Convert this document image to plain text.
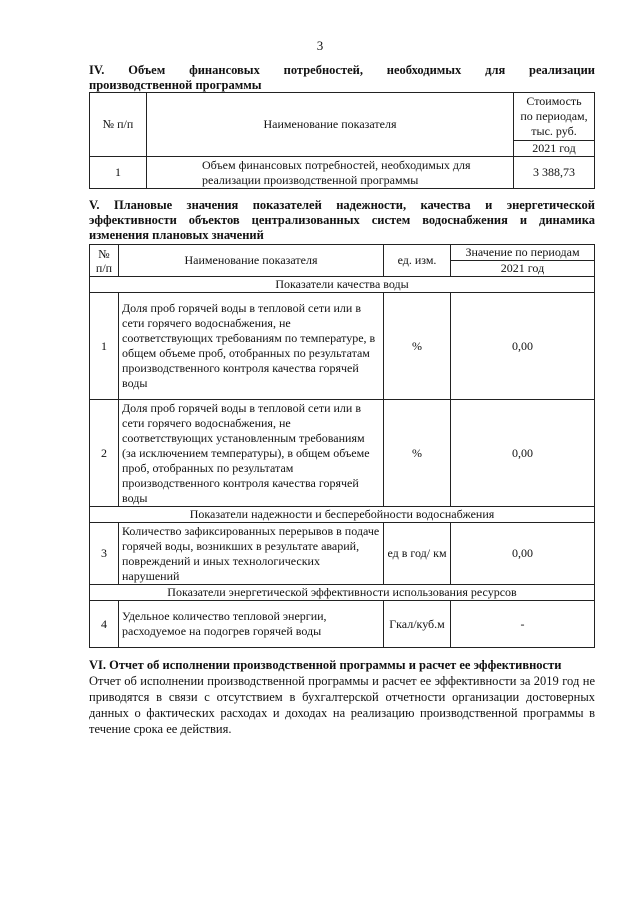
3
IV. Объем финансовых потребностей, необходимых для реализации
производственной программы
№ п/п	Наименование показателя	Стоимость
по периодам,
тыс. руб.

		2021 год
1	Объем финансовых потребностей, необходимых для реализации производственной программы	3 388,73
V. Плановые значения показателей надежности, качества и энергетической
эффективности объектов централизованных систем водоснабжения и динамика
изменения плановых значений
№ п/п	Наименование показателя	ед. изм.	Значение по периодам
			2021 год
Показатели качества воды			
1	Доля проб горячей воды в тепловой сети или в сети горячего водоснабжения, не соответствующих требованиям по температуре, в общем объеме проб, отобранных по результатам производственного контроля качества горячей воды	%	0,00
2	Доля проб горячей воды в тепловой сети или в сети горячего водоснабжения, не соответствующих установленным требованиям (за исключением температуры), в общем объеме проб, отобранных по результатам производственного контроля качества горячей воды	%	0,00
Показатели надежности и бесперебойности водоснабжения			
3	Количество зафиксированных перерывов в подаче горячей воды, возникших в результате аварий, повреждений и иных технологических нарушений	ед в год/ км	0,00
Показатели энергетической эффективности использования ресурсов			
4	Удельное количество тепловой энергии, расходуемое на подогрев горячей воды	Гкал/куб.м	-
VI. Отчет об исполнении производственной программы и расчет ее эффективности
Отчет об исполнении производственной программы и расчет ее эффективности за 2019 год не приводятся в связи с отсутствием в бухгалтерской отчетности организации достоверных данных о фактических расходах и доходах на реализацию производственной программы в течение срока ее действия.
